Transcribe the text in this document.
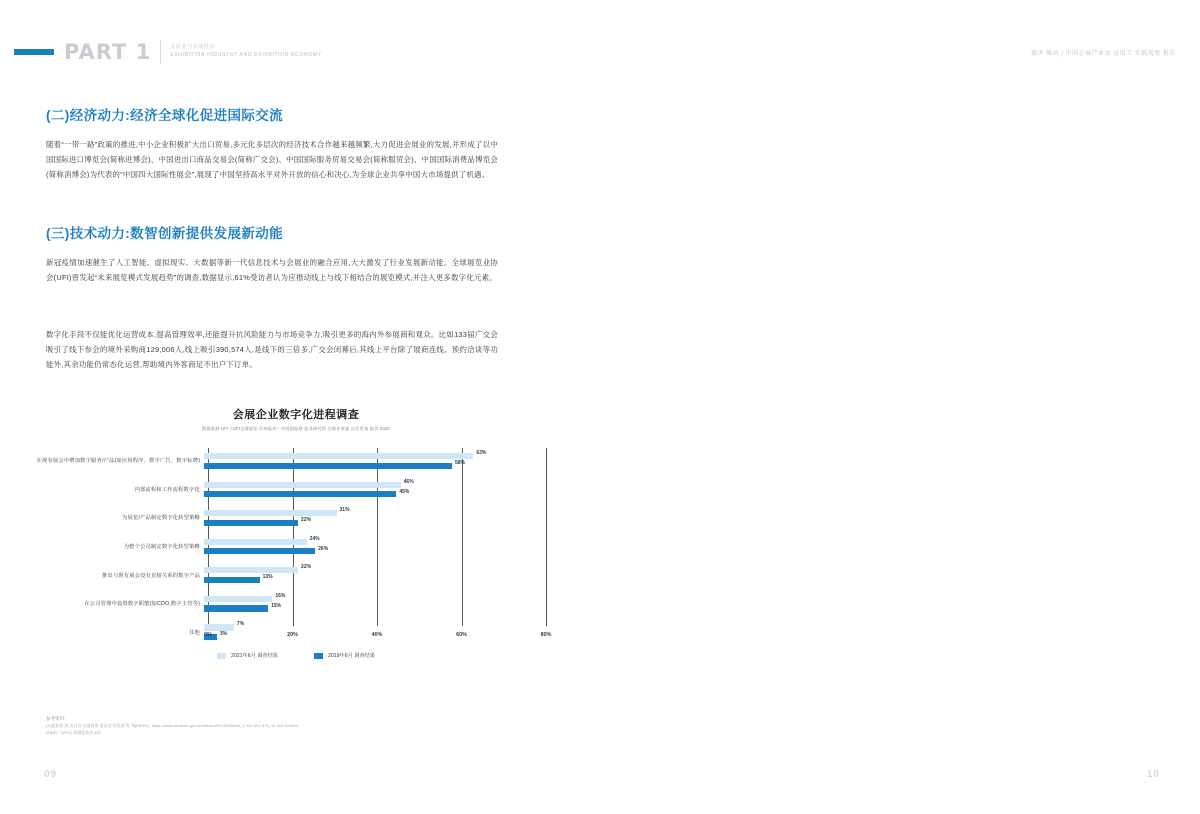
PART 1	会展业与会展经济
EXHIBITION INDUSTRY AND EXHIBITION ECONOMY
(二)经济动力:经济全球化促进国际交流
随着“一带一路”政策的推进,中小企业积极扩大出口贸易,多元化多层次的经济技术合作越来越频繁,大力促进会展业的发展,并形成了以中国国际进口博览会(简称进博会)、中国进出口商品交易会(简称广交会)、中国国际服务贸易交易会(简称服贸会)、中国国际消费品博览会(简称消博会)为代表的“中国四大国际性展会”,展现了中国坚持高水平对外开放的信心和决心,为全球企业共享中国大市场提供了机遇。
(三)技术动力:数智创新提供发展新动能
新冠疫情加速催生了人工智能、虚拟现实、大数据等新一代信息技术与会展业的融合应用,大大激发了行业发展新动能。全球展览业协会(UFI)曾发起“未来展览模式发展趋势”的调查,数据显示,61%受访者认为应推动线上与线下相结合的展览模式,并注入更多数字化元素。
数字化手段不仅能优化运营成本,提高管理效率,还能提升抗风险能力与市场竞争力,吸引更多的海内外参展商和观众。比如133届广交会吸引了线下参会的境外采购商129,006人,线上吸引390,574人,是线下的三倍多,广交会闭幕后,其线上平台除了展商连线、预约洽谈等功能外,其余功能仍常态化运营,帮助境内外客商足不出户下订单。
会展企业数字化进程调查
数据来源:UFI《UFI全球展览 市场报告》中国国际展 览业研究所 会展专家委 员会发布 报告 2020
在现有展会中增加数字服务/产品(如应用程序、数字广告、数字标牌)
63%
58%
内部流程和工作流程数字化
46%
45%
为展览/产品制定数字化转型策略
31%
22%
为整个公司制定数字化转型策略
24%
26%
推出与现有展会没有直接关系的数字产品
22%
13%
在公司管理中设置数字职能(如CDO,数字主管等)
16%
15%
其他
7%
3%
0%	20%	40%	60%	80%
2021年6月 调查结果	2019年6月 调查结果
参考资料:
(1)商务部 进 出口司:关国商务 委员会 外贸部 发 布[EB/OL]. https://www.mofcom.gov.cn/article/202 4/9/30/art_1 229 602 378_14 311 14.html
(2)UFI《UFI全 球展览报告 #3》
09
赛世 集团 | 中国会展产业及 运用工 实践观察 报告
10
